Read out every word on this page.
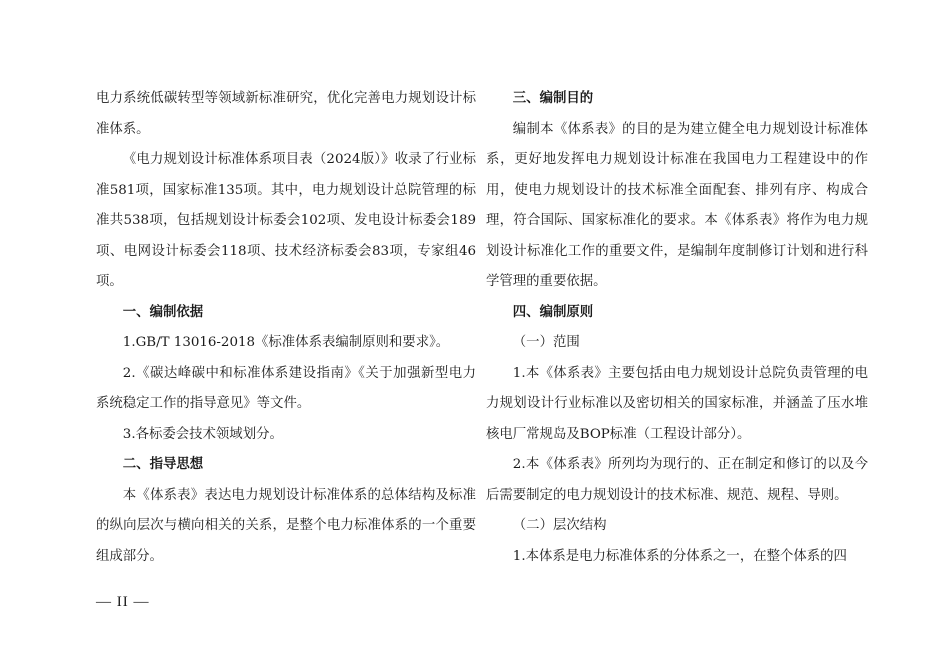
电力系统低碳转型等领域新标准研究，优化完善电力规划设计标准体系。

《电力规划设计标准体系项目表（2024版）》收录了行业标准581项，国家标准135项。其中，电力规划设计总院管理的标准共538项，包括规划设计标委会102项、发电设计标委会189项、电网设计标委会118项、技术经济标委会83项，专家组46项。

一、编制依据

1.GB/T 13016-2018《标准体系表编制原则和要求》。

2.《碳达峰碳中和标准体系建设指南》《关于加强新型电力系统稳定工作的指导意见》等文件。

3.各标委会技术领域划分。

二、指导思想

本《体系表》表达电力规划设计标准体系的总体结构及标准的纵向层次与横向相关的关系，是整个电力标准体系的一个重要组成部分。

三、编制目的

编制本《体系表》的目的是为建立健全电力规划设计标准体系，更好地发挥电力规划设计标准在我国电力工程建设中的作用，使电力规划设计的技术标准全面配套、排列有序、构成合理，符合国际、国家标准化的要求。本《体系表》将作为电力规划设计标准化工作的重要文件，是编制年度制修订计划和进行科学管理的重要依据。

四、编制原则

（一）范围

1.本《体系表》主要包括由电力规划设计总院负责管理的电力规划设计行业标准以及密切相关的国家标准，并涵盖了压水堆核电厂常规岛及BOP标准（工程设计部分）。

2.本《体系表》所列均为现行的、正在制定和修订的以及今后需要制定的电力规划设计的技术标准、规范、规程、导则。

（二）层次结构

1.本体系是电力标准体系的分体系之一，在整个体系的四

— II —
